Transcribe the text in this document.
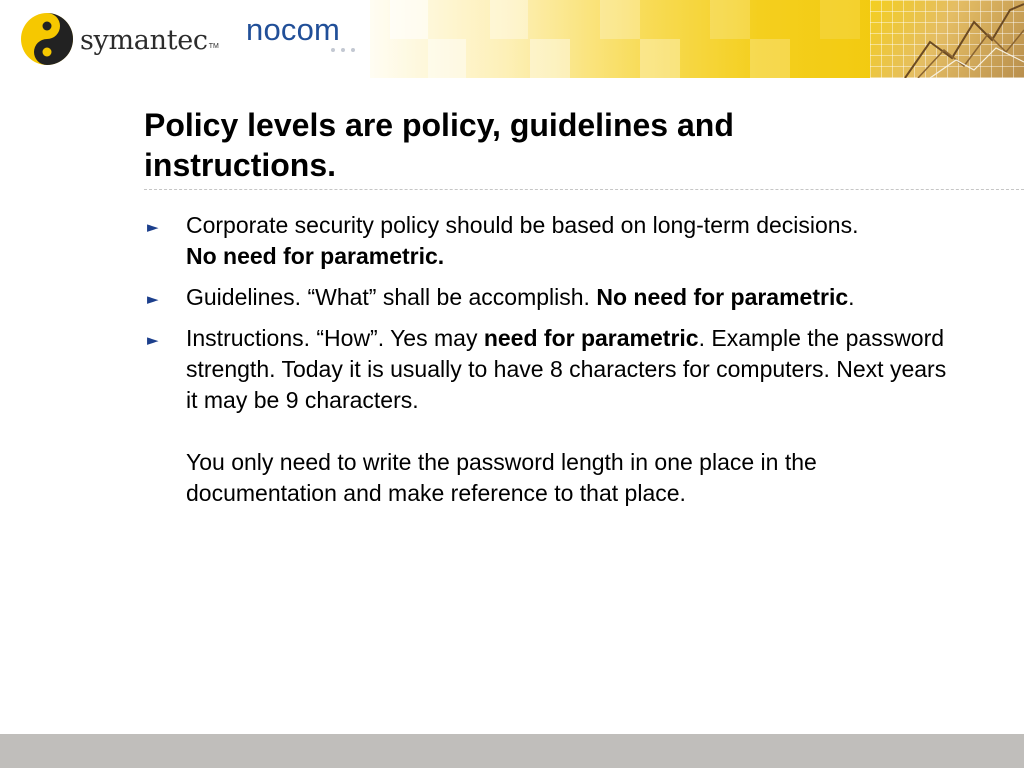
symantec TM nocom
Policy levels are policy, guidelines and instructions.
► Corporate security policy should be based on long-term decisions.
No need for parametric.
► Guidelines. “What” shall be accomplish. No need for parametric.
► Instructions. “How”. Yes may need for parametric. Example the password strength. Today it is usually to have 8 characters for computers. Next years it may be 9 characters.
You only need to write the password length in one place in the documentation and make reference to that place.
